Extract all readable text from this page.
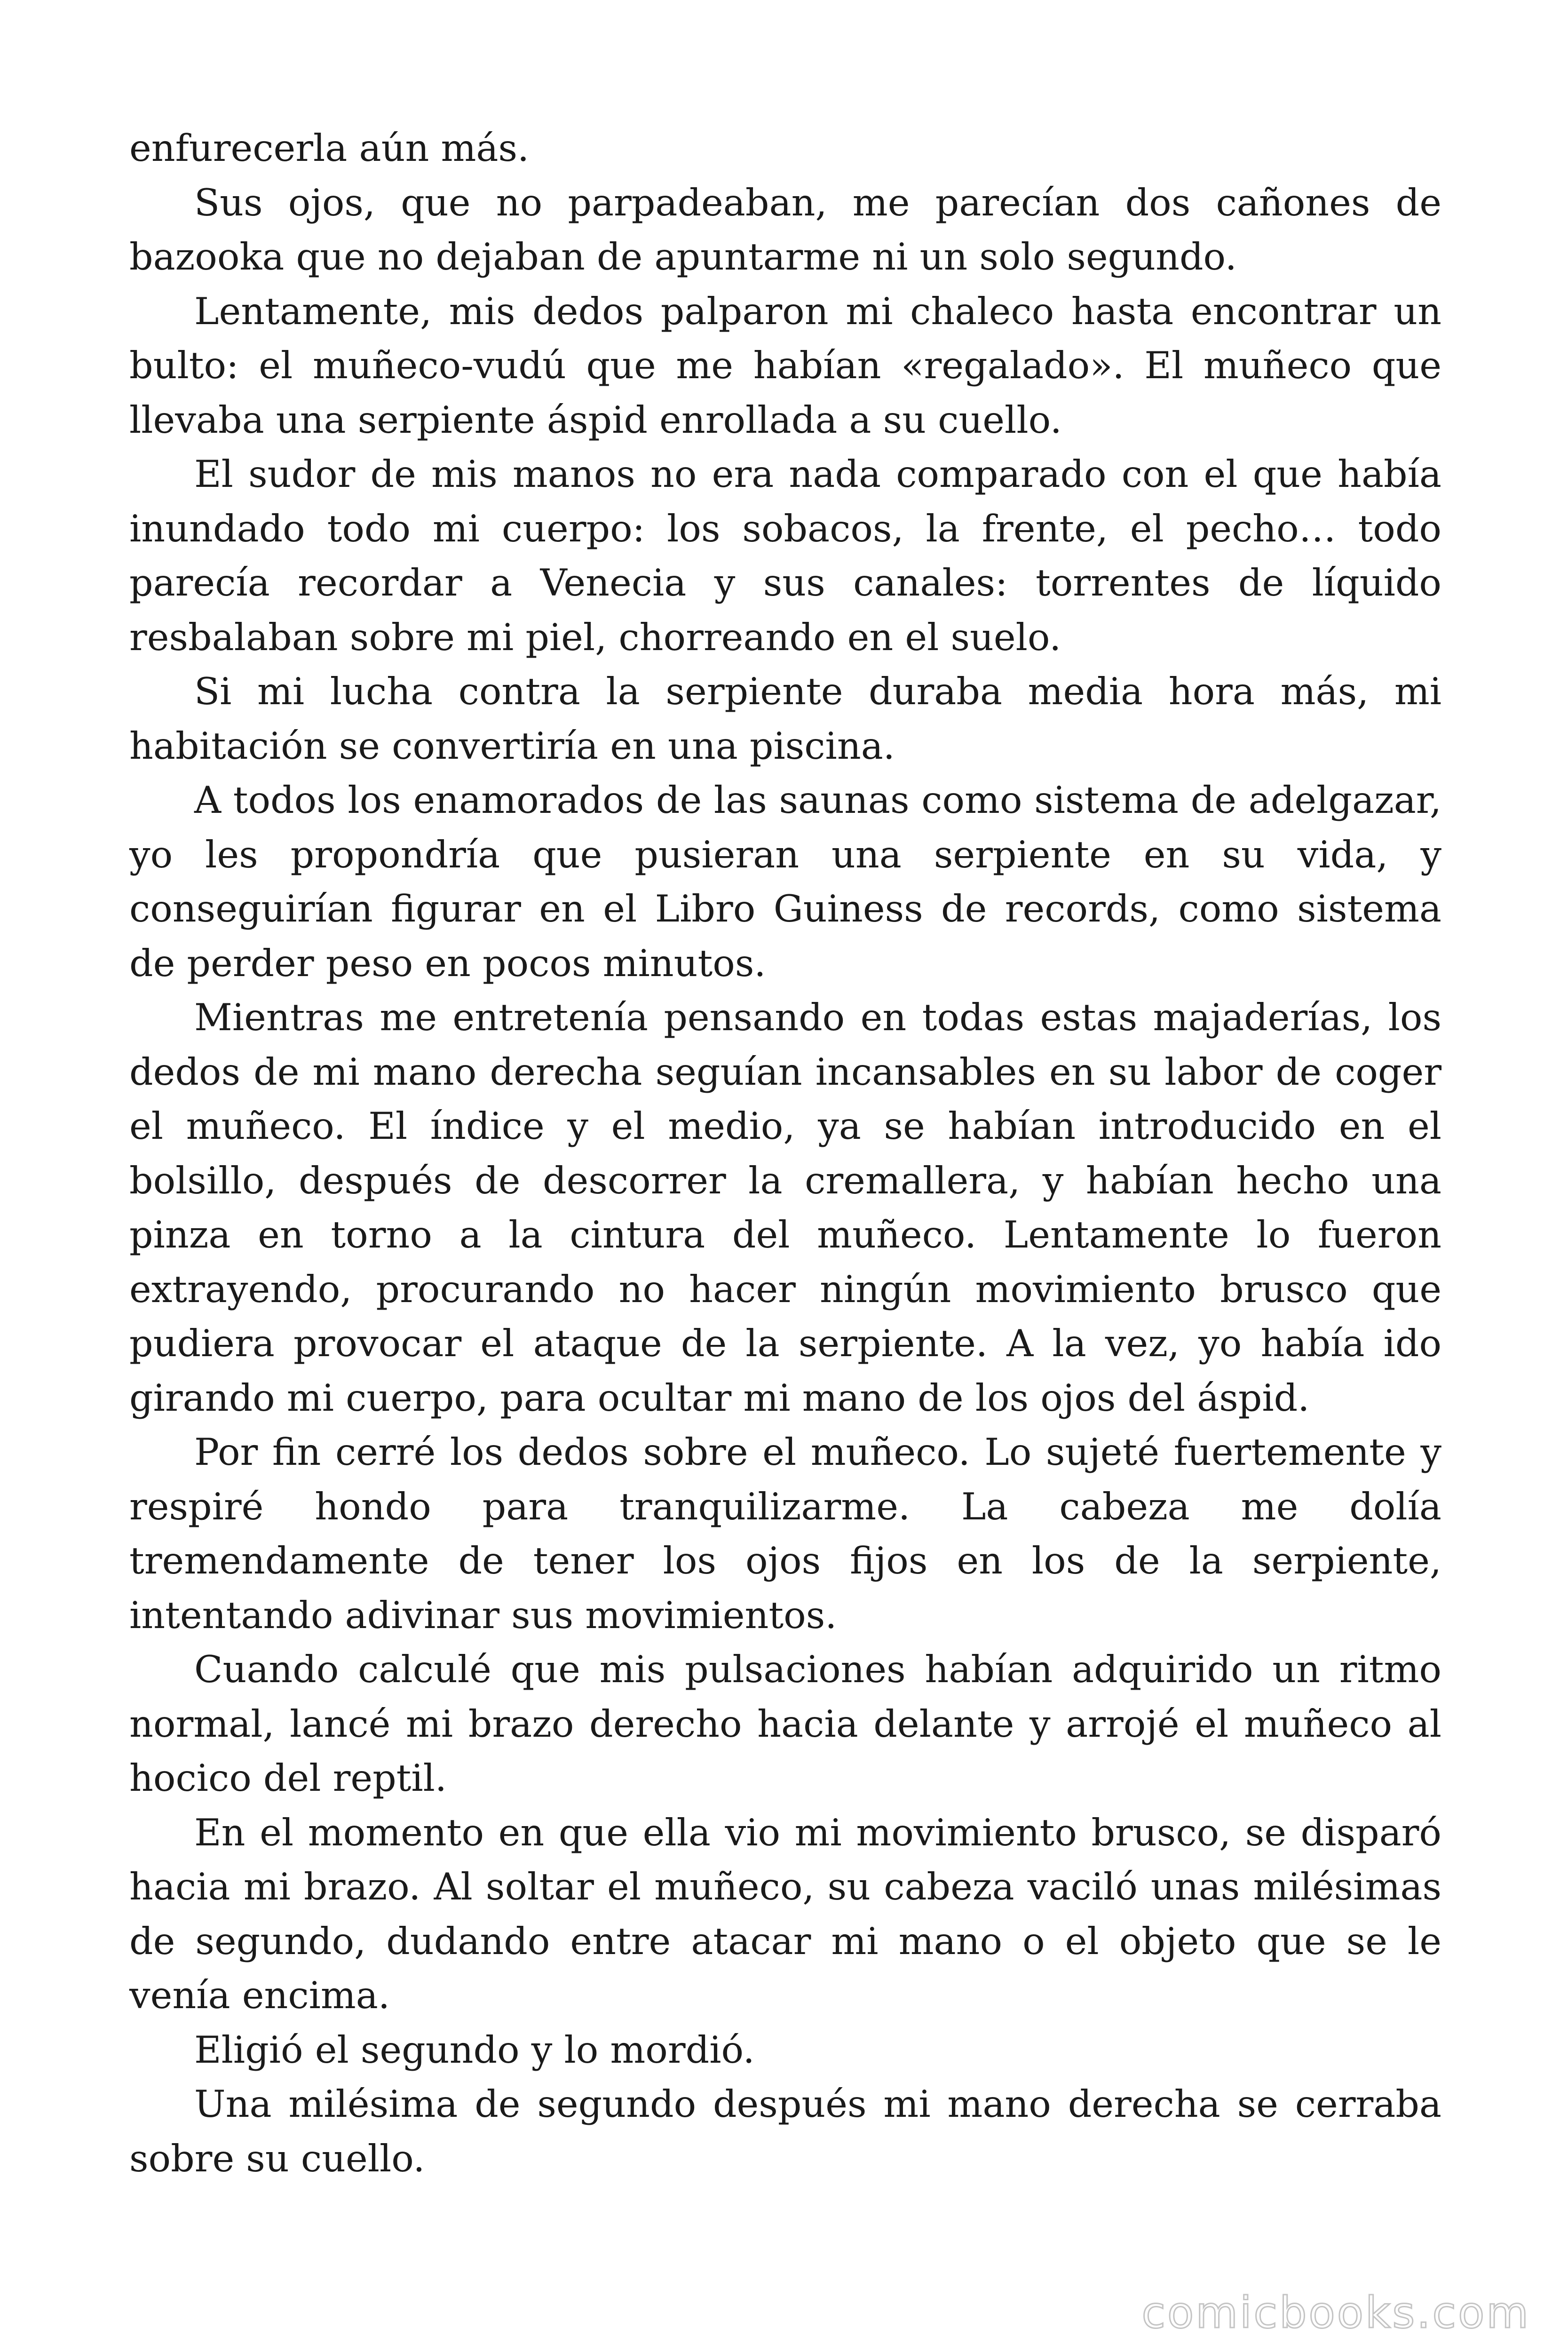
enfurecerla aún más.

Sus ojos, que no parpadeaban, me parecían dos cañones de bazooka que no dejaban de apuntarme ni un solo segundo.

Lentamente, mis dedos palparon mi chaleco hasta encontrar un bulto: el muñeco-vudú que me habían «regalado». El muñeco que llevaba una serpiente áspid enrollada a su cuello.

El sudor de mis manos no era nada comparado con el que había inundado todo mi cuerpo: los sobacos, la frente, el pecho… todo parecía recordar a Venecia y sus canales: torrentes de líquido resbalaban sobre mi piel, chorreando en el suelo.

Si mi lucha contra la serpiente duraba media hora más, mi habitación se convertiría en una piscina.

A todos los enamorados de las saunas como sistema de adelgazar, yo les propondría que pusieran una serpiente en su vida, y conseguirían figurar en el Libro Guiness de records, como sistema de perder peso en pocos minutos.

Mientras me entretenía pensando en todas estas majaderías, los dedos de mi mano derecha seguían incansables en su labor de coger el muñeco. El índice y el medio, ya se habían introducido en el bolsillo, después de descorrer la cremallera, y habían hecho una pinza en torno a la cintura del muñeco. Lentamente lo fueron extrayendo, procurando no hacer ningún movimiento brusco que pudiera provocar el ataque de la serpiente. A la vez, yo había ido girando mi cuerpo, para ocultar mi mano de los ojos del áspid.

Por fin cerré los dedos sobre el muñeco. Lo sujeté fuertemente y respiré hondo para tranquilizarme. La cabeza me dolía tremendamente de tener los ojos fijos en los de la serpiente, intentando adivinar sus movimientos.

Cuando calculé que mis pulsaciones habían adquirido un ritmo normal, lancé mi brazo derecho hacia delante y arrojé el muñeco al hocico del reptil.

En el momento en que ella vio mi movimiento brusco, se disparó hacia mi brazo. Al soltar el muñeco, su cabeza vaciló unas milésimas de segundo, dudando entre atacar mi mano o el objeto que se le venía encima.

Eligió el segundo y lo mordió.

Una milésima de segundo después mi mano derecha se cerraba sobre su cuello.

comicbooks.com
